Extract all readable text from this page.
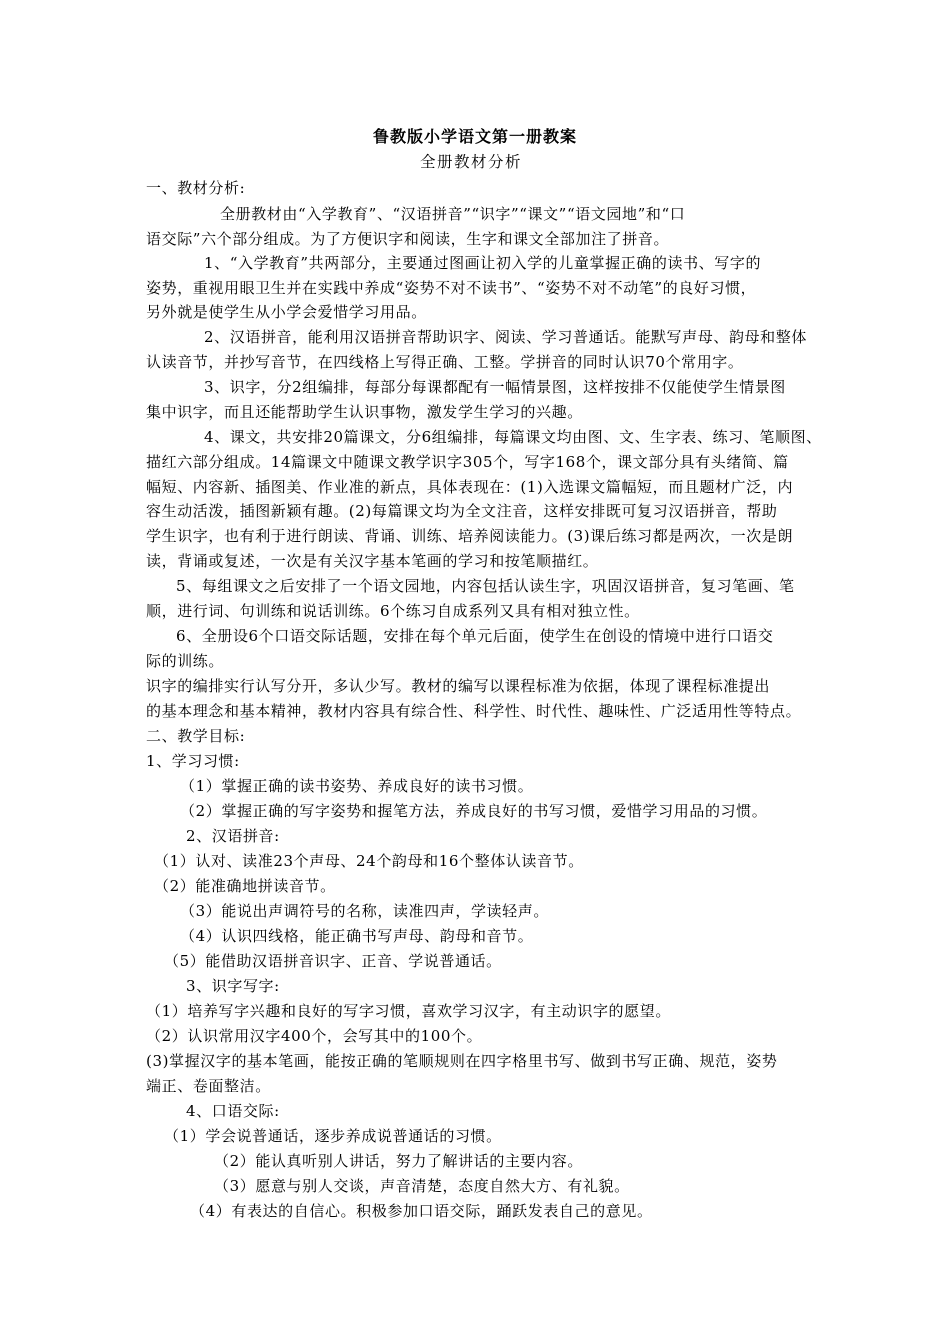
鲁教版小学语文第一册教案
全册教材分析
一、教材分析:
全册教材由“入学教育”、“汉语拼音”“识字”“课文”“语文园地”和“口
语交际”六个部分组成。为了方便识字和阅读，生字和课文全部加注了拼音。
1、“入学教育”共两部分，主要通过图画让初入学的儿童掌握正确的读书、写字的
姿势，重视用眼卫生并在实践中养成“姿势不对不读书”、“姿势不对不动笔”的良好习惯，
另外就是使学生从小学会爱惜学习用品。
2、汉语拼音，能利用汉语拼音帮助识字、阅读、学习普通话。能默写声母、韵母和整体
认读音节，并抄写音节，在四线格上写得正确、工整。学拼音的同时认识70个常用字。
3、识字，分2组编排，每部分每课都配有一幅情景图，这样按排不仅能使学生情景图
集中识字，而且还能帮助学生认识事物，激发学生学习的兴趣。
4、课文，共安排20篇课文，分6组编排，每篇课文均由图、文、生字表、练习、笔顺图、
描红六部分组成。14篇课文中随课文教学识字305个，写字168个，课文部分具有头绪简、篇
幅短、内容新、插图美、作业准的新点，具体表现在：(1)入选课文篇幅短，而且题材广泛，内
容生动活泼，插图新颖有趣。(2)每篇课文均为全文注音，这样安排既可复习汉语拼音，帮助
学生识字，也有利于进行朗读、背诵、训练、培养阅读能力。(3)课后练习都是两次，一次是朗
读，背诵或复述，一次是有关汉字基本笔画的学习和按笔顺描红。
5、每组课文之后安排了一个语文园地，内容包括认读生字，巩固汉语拼音，复习笔画、笔
顺，进行词、句训练和说话训练。6个练习自成系列又具有相对独立性。
6、全册设6个口语交际话题，安排在每个单元后面，使学生在创设的情境中进行口语交
际的训练。
识字的编排实行认写分开，多认少写。教材的编写以课程标准为依据，体现了课程标准提出
的基本理念和基本精神，教材内容具有综合性、科学性、时代性、趣味性、广泛适用性等特点。
二、教学目标:
1、学习习惯:
（1）掌握正确的读书姿势、养成良好的读书习惯。
（2）掌握正确的写字姿势和握笔方法，养成良好的书写习惯，爱惜学习用品的习惯。
2、汉语拼音:
（1）认对、读准23个声母、24个韵母和16个整体认读音节。
（2）能准确地拼读音节。
（3）能说出声调符号的名称，读准四声，学读轻声。
（4）认识四线格，能正确书写声母、韵母和音节。
（5）能借助汉语拼音识字、正音、学说普通话。
3、识字写字:
（1）培养写字兴趣和良好的写字习惯，喜欢学习汉字，有主动识字的愿望。
（2）认识常用汉字400个，会写其中的100个。
(3)掌握汉字的基本笔画，能按正确的笔顺规则在四字格里书写、做到书写正确、规范，姿势
端正、卷面整洁。
4、口语交际:
（1）学会说普通话，逐步养成说普通话的习惯。
（2）能认真听别人讲话，努力了解讲话的主要内容。
（3）愿意与别人交谈，声音清楚，态度自然大方、有礼貌。
（4）有表达的自信心。积极参加口语交际，踊跃发表自己的意见。
